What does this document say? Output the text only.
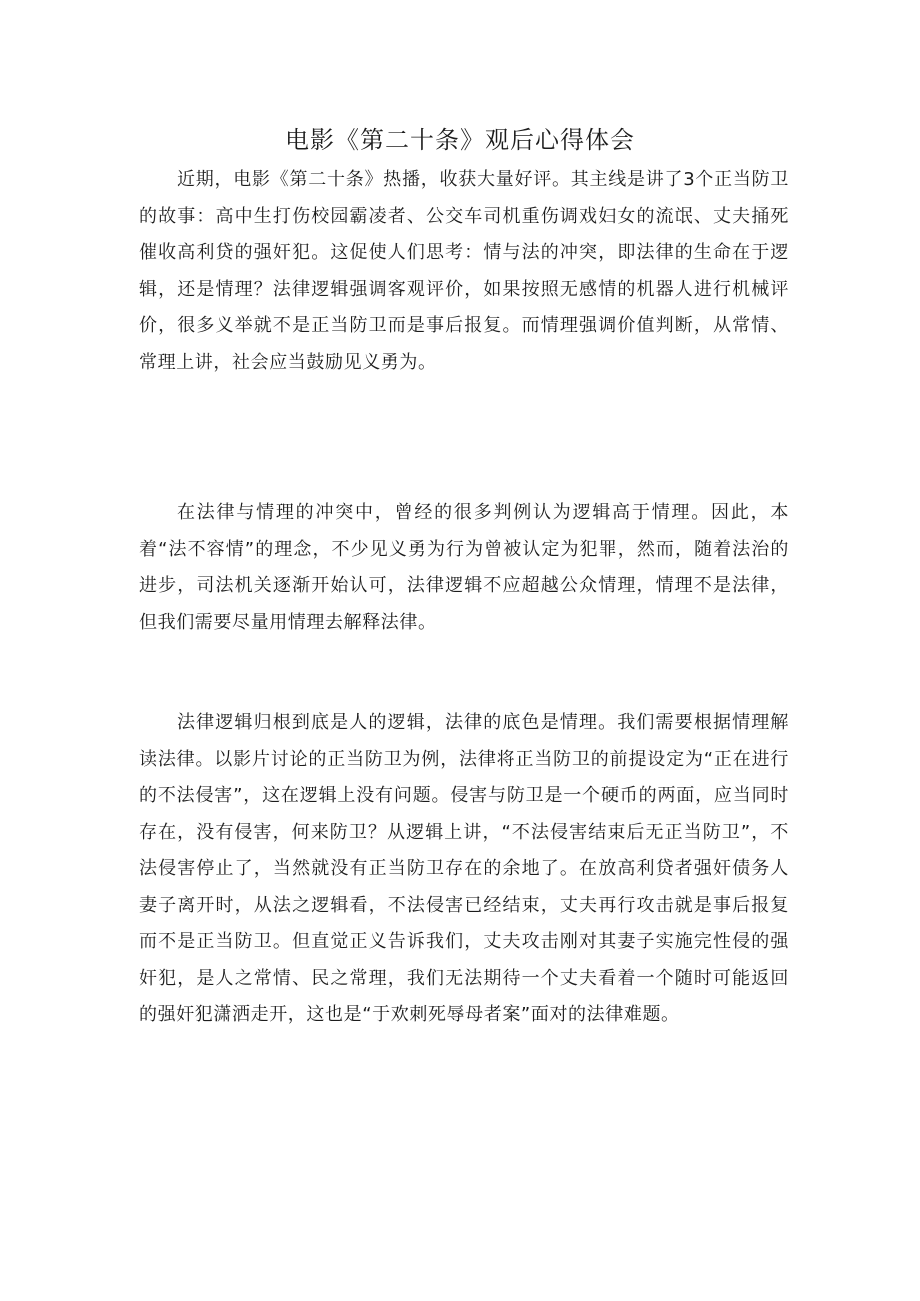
电影《第二十条》观后心得体会

近期，电影《第二十条》热播，收获大量好评。其主线是讲了3个正当防卫的故事：高中生打伤校园霸凌者、公交车司机重伤调戏妇女的流氓、丈夫捅死催收高利贷的强奸犯。这促使人们思考：情与法的冲突，即法律的生命在于逻辑，还是情理？法律逻辑强调客观评价，如果按照无感情的机器人进行机械评价，很多义举就不是正当防卫而是事后报复。而情理强调价值判断，从常情、常理上讲，社会应当鼓励见义勇为。

在法律与情理的冲突中，曾经的很多判例认为逻辑高于情理。因此，本着“法不容情”的理念，不少见义勇为行为曾被认定为犯罪，然而，随着法治的进步，司法机关逐渐开始认可，法律逻辑不应超越公众情理，情理不是法律，但我们需要尽量用情理去解释法律。

法律逻辑归根到底是人的逻辑，法律的底色是情理。我们需要根据情理解读法律。以影片讨论的正当防卫为例，法律将正当防卫的前提设定为“正在进行的不法侵害”，这在逻辑上没有问题。侵害与防卫是一个硬币的两面，应当同时存在，没有侵害，何来防卫？从逻辑上讲，“不法侵害结束后无正当防卫”，不法侵害停止了，当然就没有正当防卫存在的余地了。在放高利贷者强奸债务人妻子离开时，从法之逻辑看，不法侵害已经结束，丈夫再行攻击就是事后报复而不是正当防卫。但直觉正义告诉我们，丈夫攻击刚对其妻子实施完性侵的强奸犯，是人之常情、民之常理，我们无法期待一个丈夫看着一个随时可能返回的强奸犯潇洒走开，这也是“于欢刺死辱母者案”面对的法律难题。
